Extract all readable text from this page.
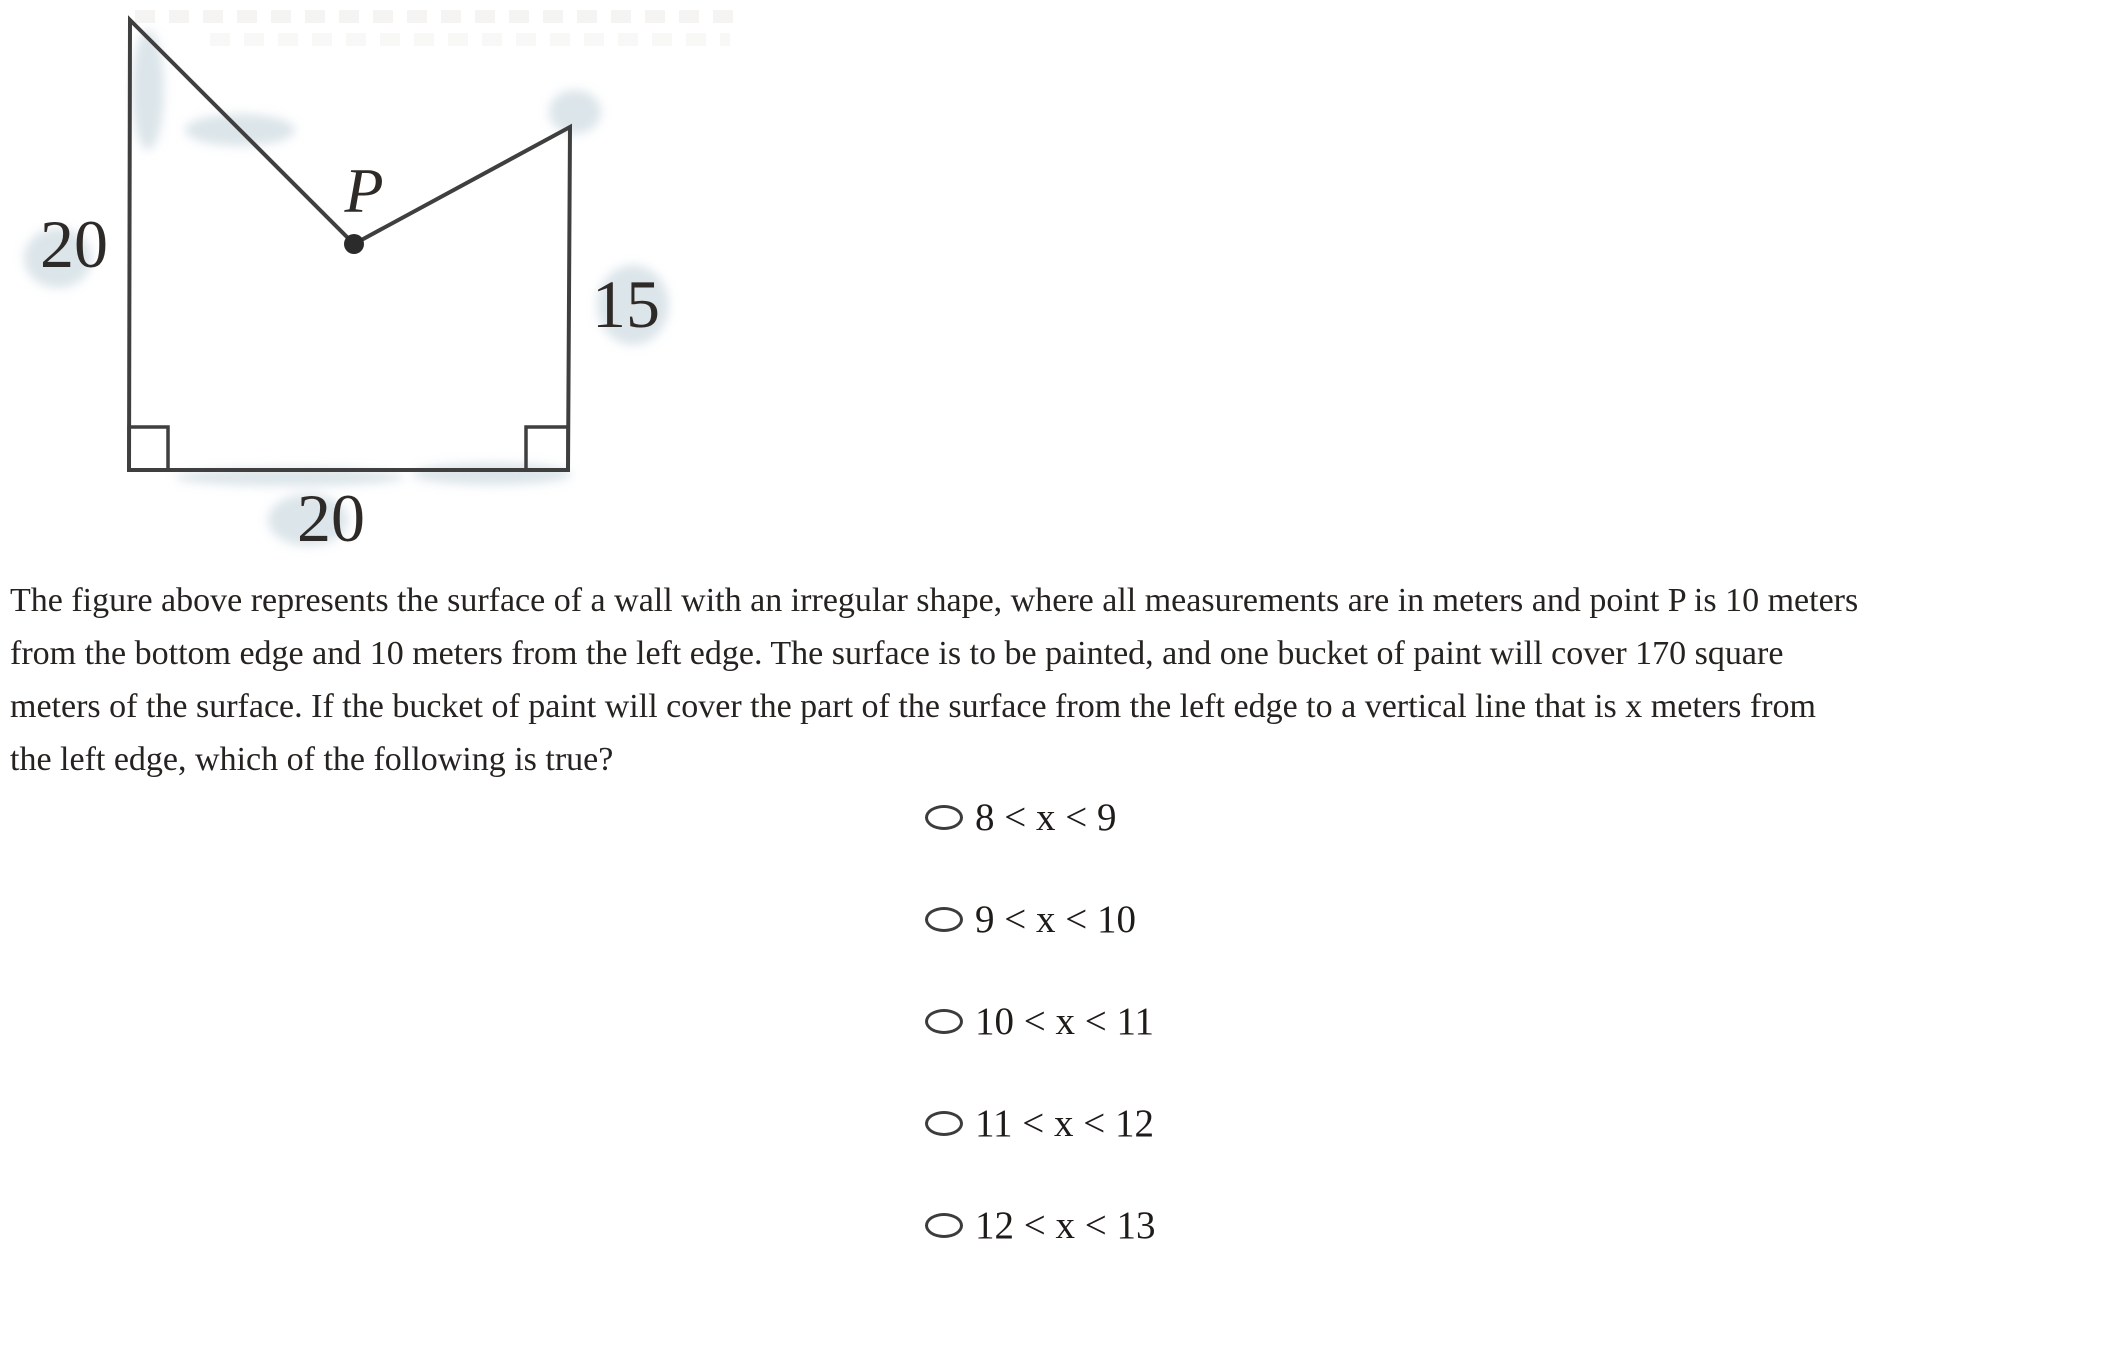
20
15
20
P
The figure above represents the surface of a wall with an irregular shape, where all measurements are in meters and point P is 10 meters
from the bottom edge and 10 meters from the left edge. The surface is to be painted, and one bucket of paint will cover 170 square
meters of the surface. If the bucket of paint will cover the part of the surface from the left edge to a vertical line that is x meters from
the left edge, which of the following is true?
8 < x < 9
9 < x < 10
10 < x < 11
11 < x < 12
12 < x < 13
